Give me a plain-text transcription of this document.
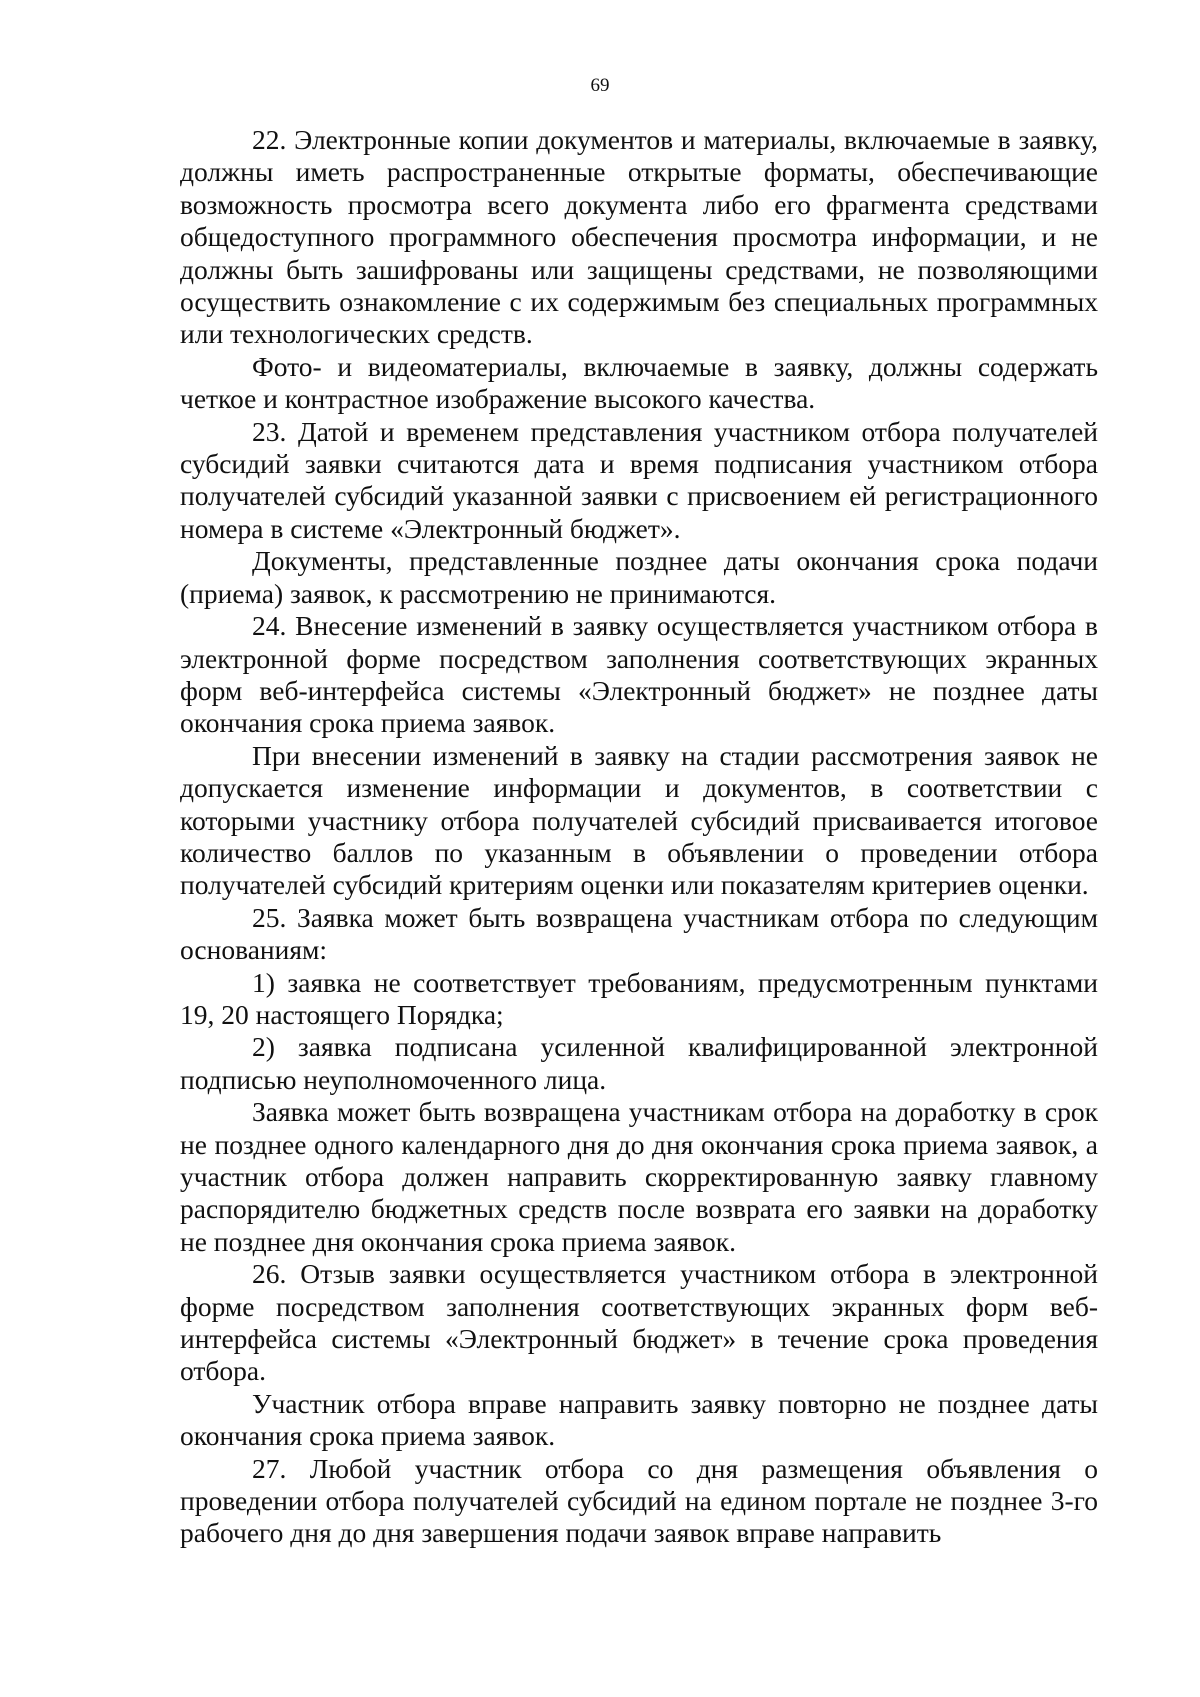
69

22. Электронные копии документов и материалы, включаемые в заявку, должны иметь распространенные открытые форматы, обеспечивающие возможность просмотра всего документа либо его фрагмента средствами общедоступного программного обеспечения просмотра информации, и не должны быть зашифрованы или защищены средствами, не позволяющими осуществить ознакомление с их содержимым без специальных программных или технологических средств.

Фото- и видеоматериалы, включаемые в заявку, должны содержать четкое и контрастное изображение высокого качества.

23. Датой и временем представления участником отбора получателей субсидий заявки считаются дата и время подписания участником отбора получателей субсидий указанной заявки с присвоением ей регистрационного номера в системе «Электронный бюджет».

Документы, представленные позднее даты окончания срока подачи (приема) заявок, к рассмотрению не принимаются.

24. Внесение изменений в заявку осуществляется участником отбора в электронной форме посредством заполнения соответствующих экранных форм веб-интерфейса системы «Электронный бюджет» не позднее даты окончания срока приема заявок.

При внесении изменений в заявку на стадии рассмотрения заявок не допускается изменение информации и документов, в соответствии с которыми участнику отбора получателей субсидий присваивается итоговое количество баллов по указанным в объявлении о проведении отбора получателей субсидий критериям оценки или показателям критериев оценки.

25. Заявка может быть возвращена участникам отбора по следующим основаниям:

1) заявка не соответствует требованиям, предусмотренным пунктами 19, 20 настоящего Порядка;

2) заявка подписана усиленной квалифицированной электронной подписью неуполномоченного лица.

Заявка может быть возвращена участникам отбора на доработку в срок не позднее одного календарного дня до дня окончания срока приема заявок, а участник отбора должен направить скорректированную заявку главному распорядителю бюджетных средств после возврата его заявки на доработку не позднее дня окончания срока приема заявок.

26. Отзыв заявки осуществляется участником отбора в электронной форме посредством заполнения соответствующих экранных форм веб-интерфейса системы «Электронный бюджет» в течение срока проведения отбора.

Участник отбора вправе направить заявку повторно не позднее даты окончания срока приема заявок.

27. Любой участник отбора со дня размещения объявления о проведении отбора получателей субсидий на едином портале не позднее 3-го рабочего дня до дня завершения подачи заявок вправе направить
